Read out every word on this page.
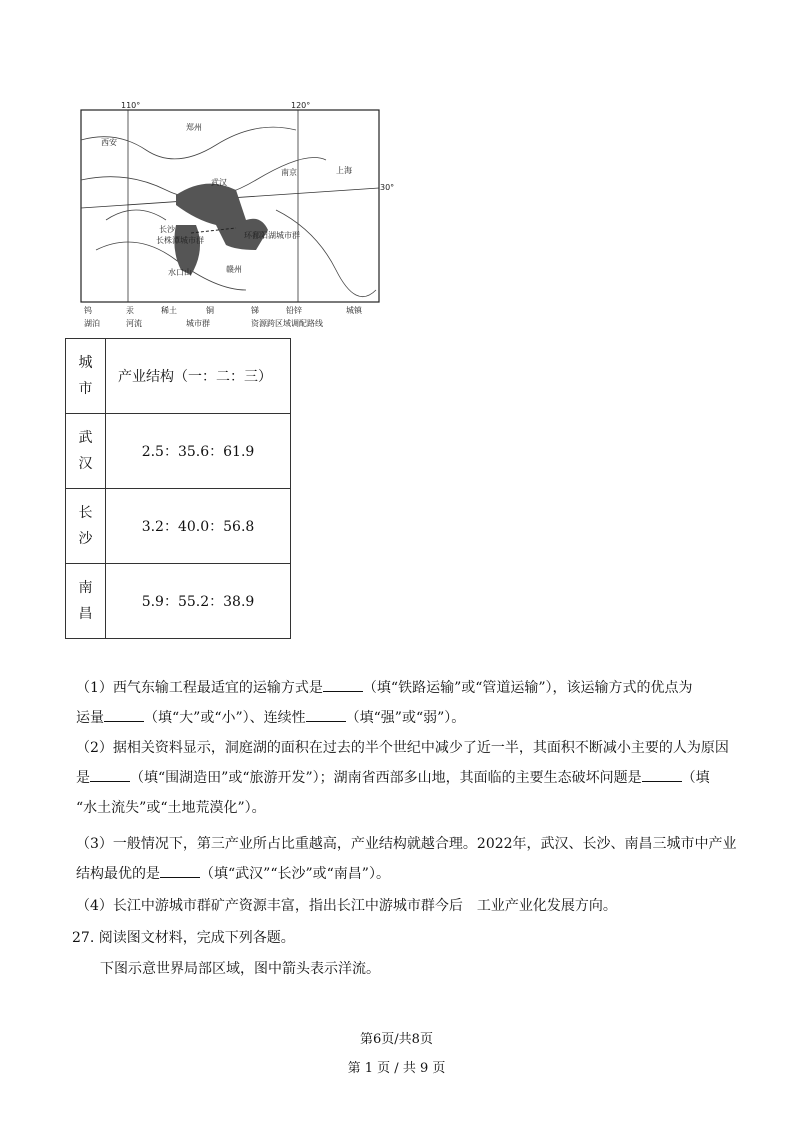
110°	120°
30°
西安
郑州
南京	上海
武汉
长沙
长株潭城市群
环鄱阳湖城市群
水口山	赣州
钨	汞	稀土	铜	锑	铅锌	城镇
湖泊	河流	城市群	资源跨区域调配路线
城
市	产业结构（一：二：三）
武
汉	2.5：35.6：61.9
长
沙	3.2：40.0：56.8
南
昌	5.9：55.2：38.9
（1）西气东输工程最适宜的运输方式是	（填“铁路运输”或“管道运输”），该运输方式的优点为
运量	（填“大”或“小”）、连续性	（填“强”或“弱”）。
（2）据相关资料显示，洞庭湖的面积在过去的半个世纪中减少了近一半，其面积不断减小主要的人为原因
是	（填“围湖造田”或“旅游开发”）；湖南省西部多山地，其面临的主要生态破坏问题是	（填
“水土流失”或“土地荒漠化”）。
（3）一般情况下，第三产业所占比重越高，产业结构就越合理。2022年，武汉、长沙、南昌三城市中产业
结构最优的是	（填“武汉”“长沙”或“南昌”）。
（4）长江中游城市群矿产资源丰富，指出长江中游城市群今后　工业产业化发展方向。
27. 阅读图文材料，完成下列各题。
下图示意世界局部区域，图中箭头表示洋流。
第6页/共8页
第 1 页 / 共 9 页
